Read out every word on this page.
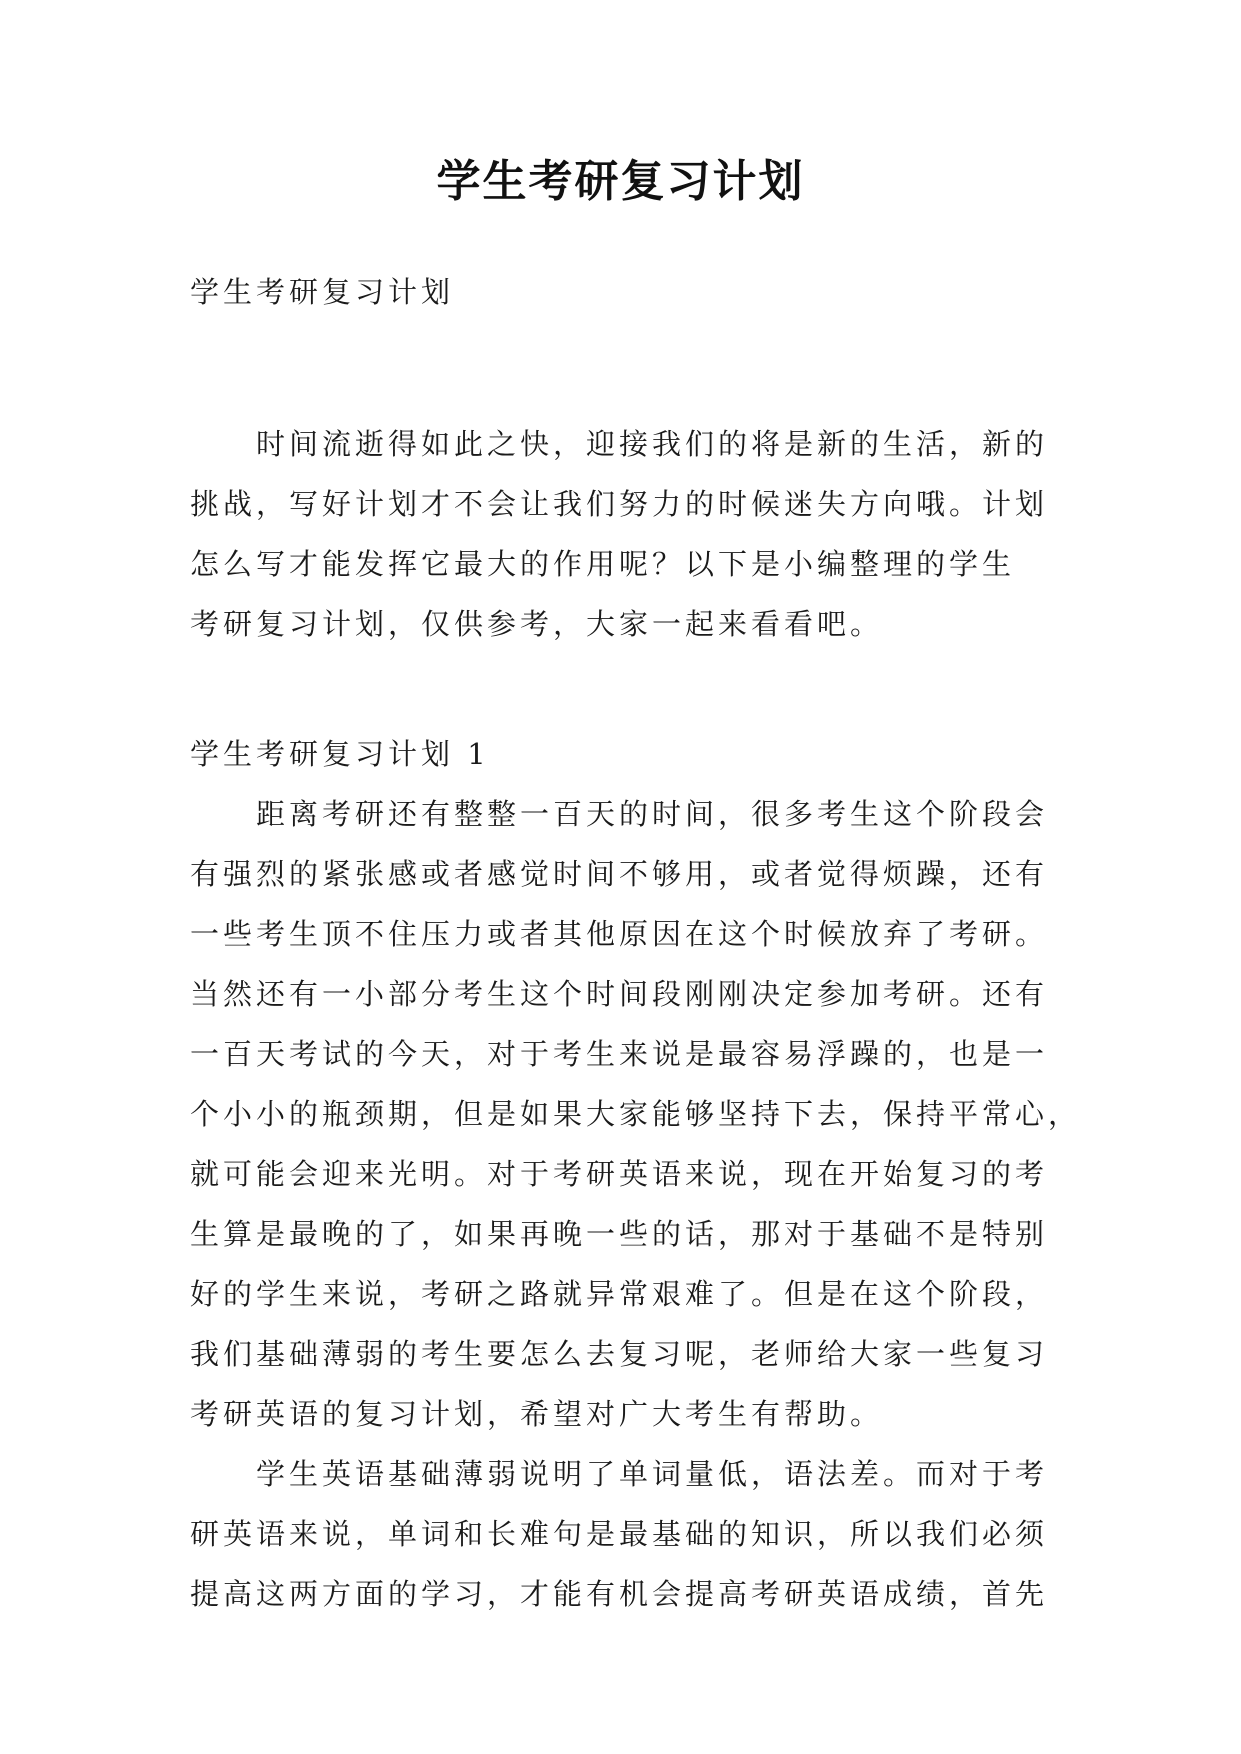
学生考研复习计划
学生考研复习计划
时间流逝得如此之快，迎接我们的将是新的生活，新的
挑战，写好计划才不会让我们努力的时候迷失方向哦。计划
怎么写才能发挥它最大的作用呢？以下是小编整理的学生
考研复习计划，仅供参考，大家一起来看看吧。
学生考研复习计划 1
距离考研还有整整一百天的时间，很多考生这个阶段会
有强烈的紧张感或者感觉时间不够用，或者觉得烦躁，还有
一些考生顶不住压力或者其他原因在这个时候放弃了考研。
当然还有一小部分考生这个时间段刚刚决定参加考研。还有
一百天考试的今天，对于考生来说是最容易浮躁的，也是一
个小小的瓶颈期，但是如果大家能够坚持下去，保持平常心，
就可能会迎来光明。对于考研英语来说，现在开始复习的考
生算是最晚的了，如果再晚一些的话，那对于基础不是特别
好的学生来说，考研之路就异常艰难了。但是在这个阶段，
我们基础薄弱的考生要怎么去复习呢，老师给大家一些复习
考研英语的复习计划，希望对广大考生有帮助。
学生英语基础薄弱说明了单词量低，语法差。而对于考
研英语来说，单词和长难句是最基础的知识，所以我们必须
提高这两方面的学习，才能有机会提高考研英语成绩，首先
